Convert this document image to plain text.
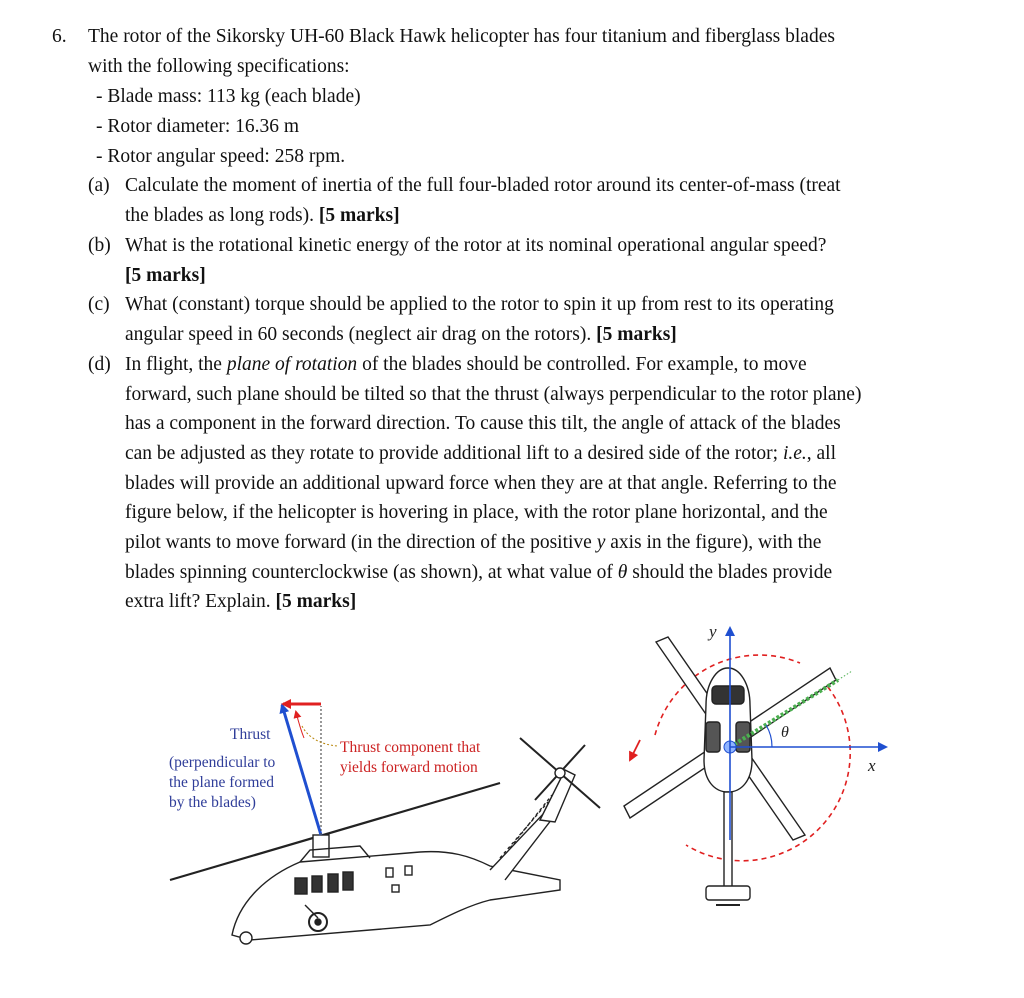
6. The rotor of the Sikorsky UH-60 Black Hawk helicopter has four titanium and fiberglass blades
with the following specifications:
- Blade mass: 113 kg (each blade)
- Rotor diameter: 16.36 m
- Rotor angular speed: 258 rpm.
(a) Calculate the moment of inertia of the full four-bladed rotor around its center-of-mass (treat
the blades as long rods). [5 marks]
(b) What is the rotational kinetic energy of the rotor at its nominal operational angular speed?
[5 marks]
(c) What (constant) torque should be applied to the rotor to spin it up from rest to its operating
angular speed in 60 seconds (neglect air drag on the rotors). [5 marks]
(d) In flight, the plane of rotation of the blades should be controlled. For example, to move
forward, such plane should be tilted so that the thrust (always perpendicular to the rotor plane)
has a component in the forward direction. To cause this tilt, the angle of attack of the blades
can be adjusted as they rotate to provide additional lift to a desired side of the rotor; i.e., all
blades will provide an additional upward force when they are at that angle. Referring to the
figure below, if the helicopter is hovering in place, with the rotor plane horizontal, and the
pilot wants to move forward (in the direction of the positive y axis in the figure), with the
blades spinning counterclockwise (as shown), at what value of θ should the blades provide
extra lift? Explain. [5 marks]
Thrust
(perpendicular to
the plane formed
by the blades)
Thrust component that
yields forward motion
θ
y
x
